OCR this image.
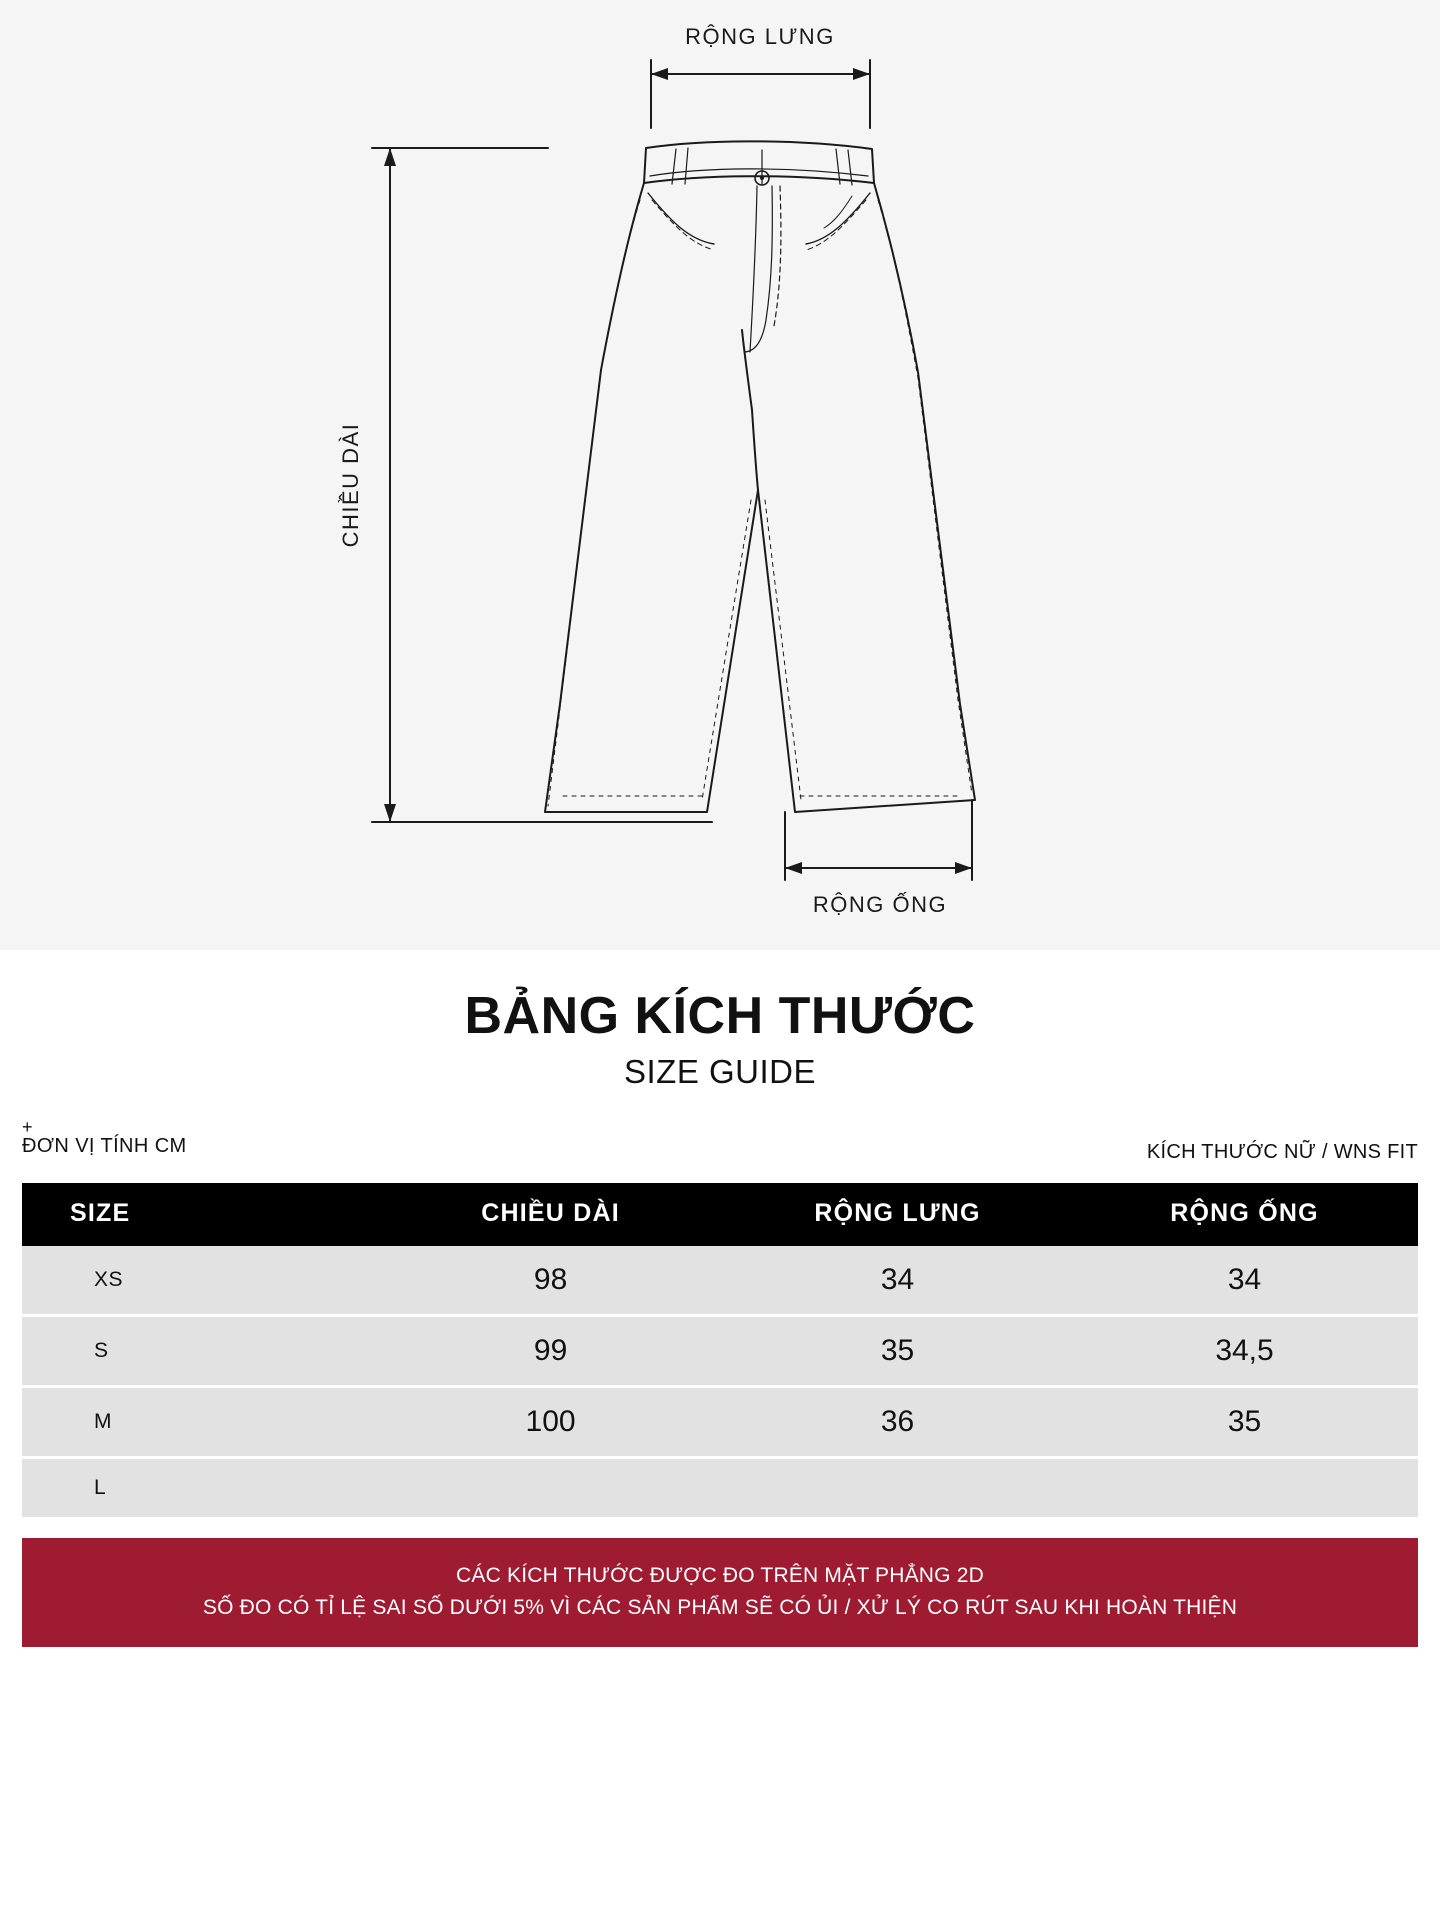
RỘNG LƯNG
CHIỀU DÀI
RỘNG ỐNG
BẢNG KÍCH THƯỚC

SIZE GUIDE

+
ĐƠN VỊ TÍNH CM	KÍCH THƯỚC NỮ / WNS FIT
SIZE	CHIỀU DÀI	RỘNG LƯNG	RỘNG ỐNG
XS	98	34	34
S	99	35	34,5
M	100	36	35
L			
CÁC KÍCH THƯỚC ĐƯỢC ĐO TRÊN MẶT PHẲNG 2D
SỐ ĐO CÓ TỈ LỆ SAI SỐ DƯỚI 5% VÌ CÁC SẢN PHẨM SẼ CÓ ỦI / XỬ LÝ CO RÚT SAU KHI HOÀN THIỆN
